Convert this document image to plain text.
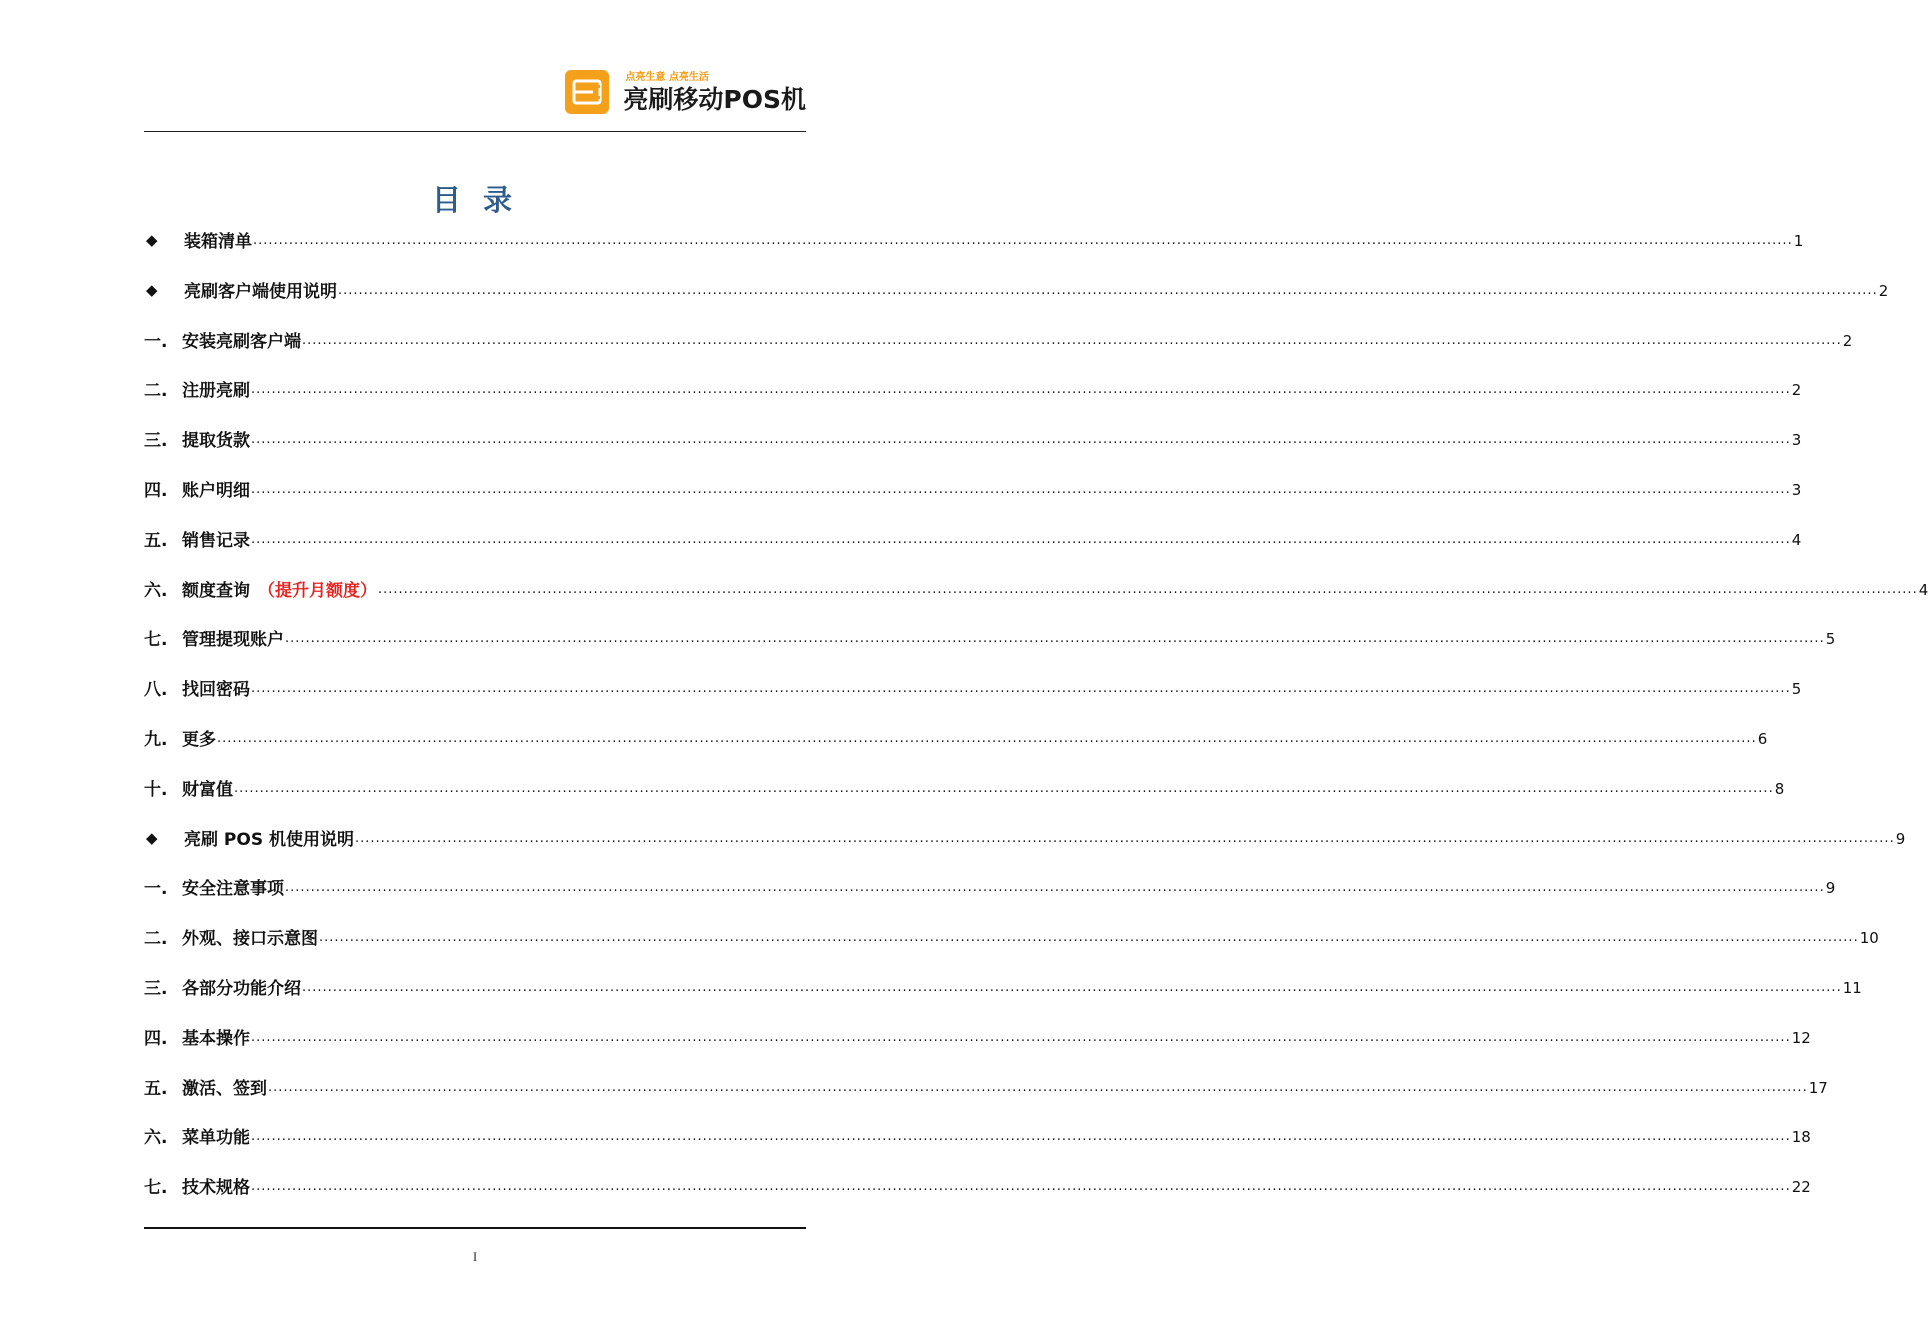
点亮生意 点亮生活
亮刷移动POS机
目 录
◆	装箱清单 ............................................................................................................................................................................................................................................................................................................ 1
◆	亮刷客户端使用说明 ............................................................................................................................................................................................................................................................................................................ 2
一. 安装亮刷客户端 ............................................................................................................................................................................................................................................................................................................ 2
二. 注册亮刷 ............................................................................................................................................................................................................................................................................................................ 2
三. 提取货款 ............................................................................................................................................................................................................................................................................................................ 3
四. 账户明细 ............................................................................................................................................................................................................................................................................................................ 3
五. 销售记录 ............................................................................................................................................................................................................................................................................................................ 4
六. 额度查询 （提升月额度） ............................................................................................................................................................................................................................................................................................................ 4
七. 管理提现账户 ............................................................................................................................................................................................................................................................................................................ 5
八. 找回密码 ............................................................................................................................................................................................................................................................................................................ 5
九. 更多 ............................................................................................................................................................................................................................................................................................................ 6
十. 财富值 ............................................................................................................................................................................................................................................................................................................ 8
◆	亮刷 POS 机使用说明 ............................................................................................................................................................................................................................................................................................................ 9
一. 安全注意事项 ............................................................................................................................................................................................................................................................................................................ 9
二. 外观、接口示意图 ............................................................................................................................................................................................................................................................................................................ 10
三. 各部分功能介绍 ............................................................................................................................................................................................................................................................................................................ 11
四. 基本操作 ............................................................................................................................................................................................................................................................................................................ 12
五. 激活、签到 ............................................................................................................................................................................................................................................................................................................ 17
六. 菜单功能 ............................................................................................................................................................................................................................................................................................................ 18
七. 技术规格 ............................................................................................................................................................................................................................................................................................................ 22
I
